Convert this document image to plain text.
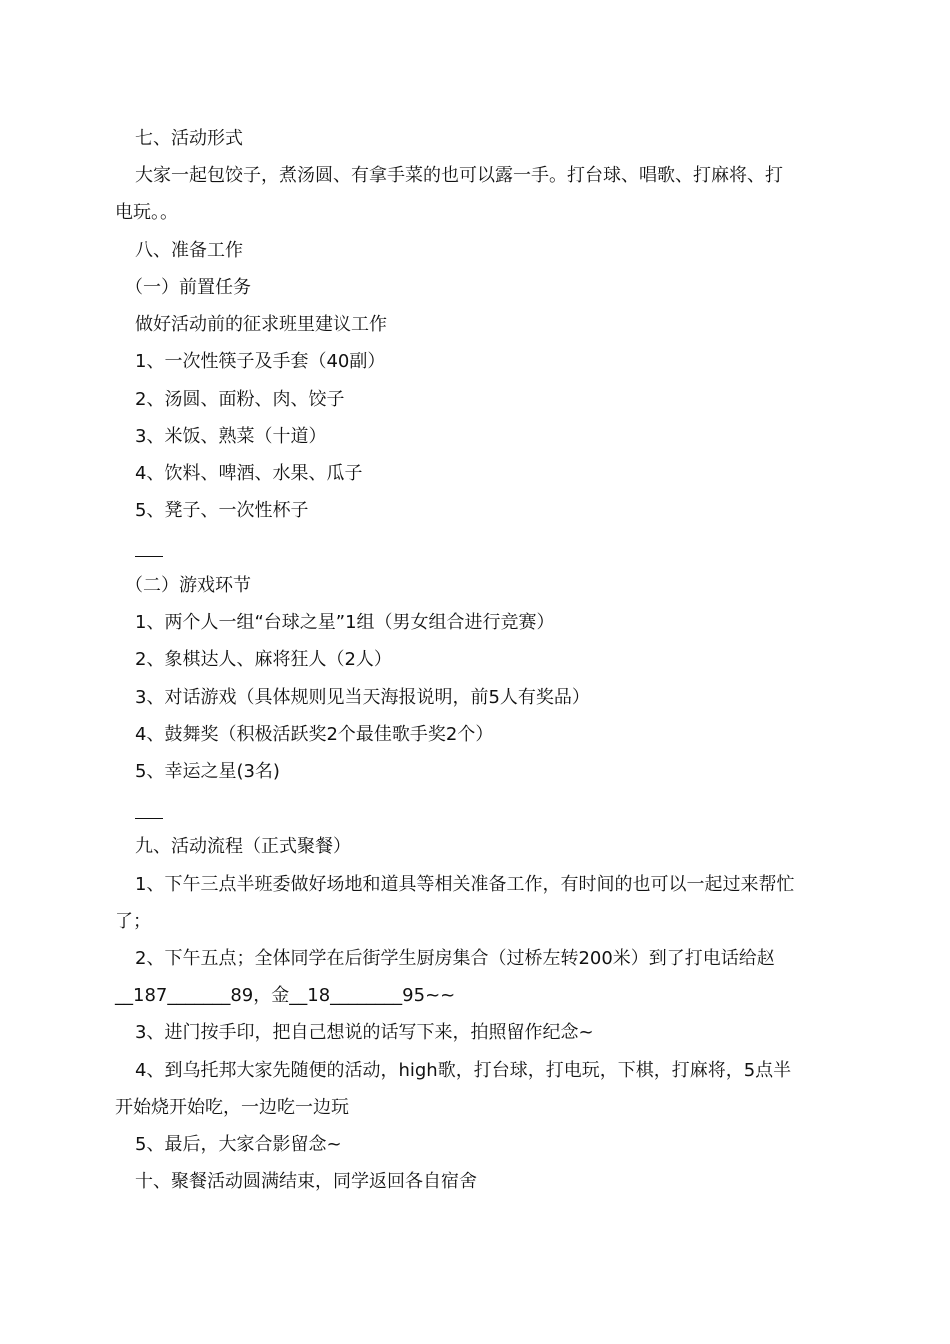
七、活动形式
大家一起包饺子，煮汤圆、有拿手菜的也可以露一手。打台球、唱歌、打麻将、打
电玩。。
八、准备工作
（一）前置任务
做好活动前的征求班里建议工作
1、一次性筷子及手套（40副）
2、汤圆、面粉、肉、饺子
3、米饭、熟菜（十道）
4、饮料、啤酒、水果、瓜子
5、凳子、一次性杯子
（二）游戏环节
1、两个人一组“台球之星”1组（男女组合进行竞赛）
2、象棋达人、麻将狂人（2人）
3、对话游戏（具体规则见当天海报说明，前5人有奖品）
4、鼓舞奖（积极活跃奖2个最佳歌手奖2个）
5、幸运之星(3名)
九、活动流程（正式聚餐）
1、下午三点半班委做好场地和道具等相关准备工作，有时间的也可以一起过来帮忙
了；
2、下午五点；全体同学在后街学生厨房集合（过桥左转200米）到了打电话给赵
__187_______89，金__18________95~~
3、进门按手印，把自己想说的话写下来，拍照留作纪念~
4、到乌托邦大家先随便的活动，high歌，打台球，打电玩，下棋，打麻将，5点半
开始烧开始吃，一边吃一边玩
5、最后，大家合影留念~
十、聚餐活动圆满结束，同学返回各自宿舍
